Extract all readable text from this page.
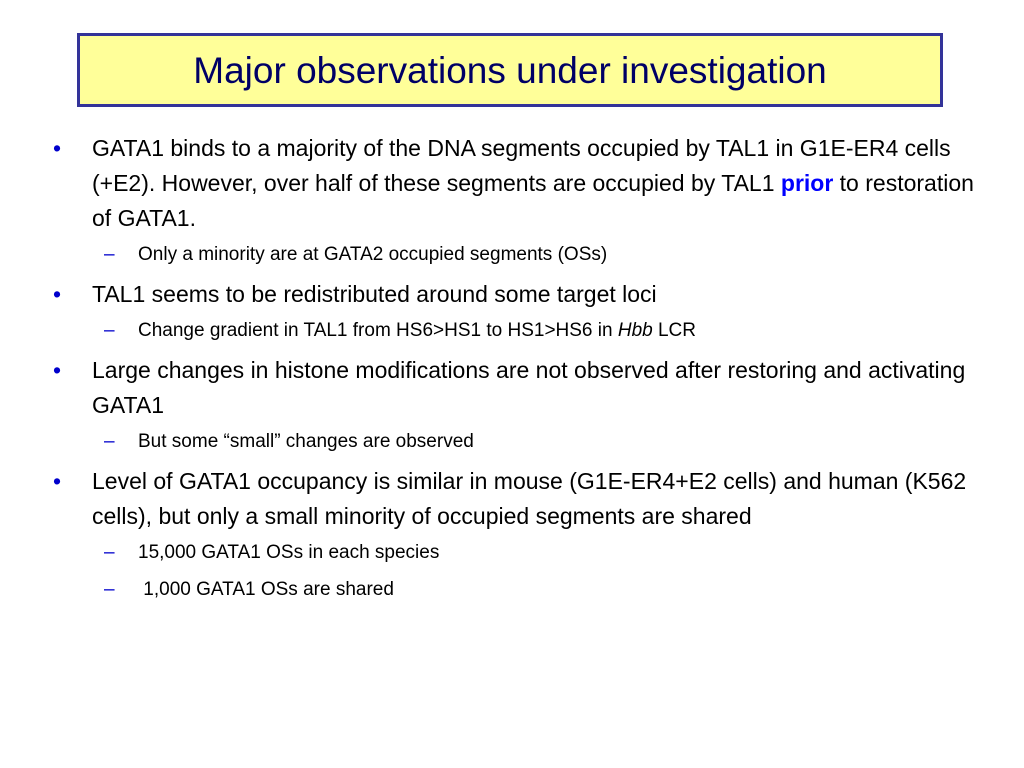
Major observations under investigation
• GATA1 binds to a majority of the DNA segments occupied by TAL1 in G1E-ER4 cells (+E2). However, over half of these segments are occupied by TAL1 prior to restoration of GATA1.
– Only a minority are at GATA2 occupied segments (OSs)
• TAL1 seems to be redistributed around some target loci
– Change gradient in TAL1 from HS6>HS1 to HS1>HS6 in Hbb LCR
• Large changes in histone modifications are not observed after restoring and activating GATA1
– But some “small” changes are observed
• Level of GATA1 occupancy is similar in mouse (G1E-ER4+E2 cells) and human (K562 cells), but only a small minority of occupied segments are shared
– 15,000 GATA1 OSs in each species
– 1,000 GATA1 OSs are shared
